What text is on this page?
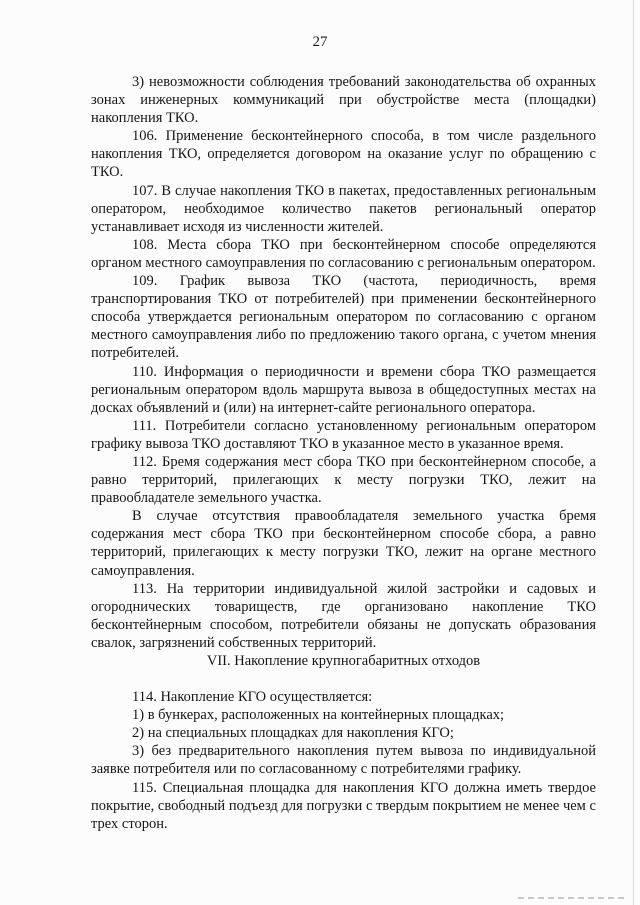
27

3) невозможности соблюдения требований законодательства об охранных зонах инженерных коммуникаций при обустройстве места (площадки) накопления ТКО.

106. Применение бесконтейнерного способа, в том числе раздельного накопления ТКО, определяется договором на оказание услуг по обращению с ТКО.

107. В случае накопления ТКО в пакетах, предоставленных региональным оператором, необходимое количество пакетов региональный оператор устанавливает исходя из численности жителей.

108. Места сбора ТКО при бесконтейнерном способе определяются органом местного самоуправления по согласованию с региональным оператором.

109. График вывоза ТКО (частота, периодичность, время транспортирования ТКО от потребителей) при применении бесконтейнерного способа утверждается региональным оператором по согласованию с органом местного самоуправления либо по предложению такого органа, с учетом мнения потребителей.

110. Информация о периодичности и времени сбора ТКО размещается региональным оператором вдоль маршрута вывоза в общедоступных местах на досках объявлений и (или) на интернет-сайте регионального оператора.

111. Потребители согласно установленному региональным оператором графику вывоза ТКО доставляют ТКО в указанное место в указанное время.

112. Бремя содержания мест сбора ТКО при бесконтейнерном способе, а равно территорий, прилегающих к месту погрузки ТКО, лежит на правообладателе земельного участка.

В случае отсутствия правообладателя земельного участка бремя содержания мест сбора ТКО при бесконтейнерном способе сбора, а равно территорий, прилегающих к месту погрузки ТКО, лежит на органе местного самоуправления.

113. На территории индивидуальной жилой застройки и садовых и огороднических товариществ, где организовано накопление ТКО бесконтейнерным способом, потребители обязаны не допускать образования свалок, загрязнений собственных территорий.

VII. Накопление крупногабаритных отходов

114. Накопление КГО осуществляется:

1) в бункерах, расположенных на контейнерных площадках;

2) на специальных площадках для накопления КГО;

3) без предварительного накопления путем вывоза по индивидуальной заявке потребителя или по согласованному с потребителями графику.

115. Специальная площадка для накопления КГО должна иметь твердое покрытие, свободный подъезд для погрузки с твердым покрытием не менее чем с трех сторон.
